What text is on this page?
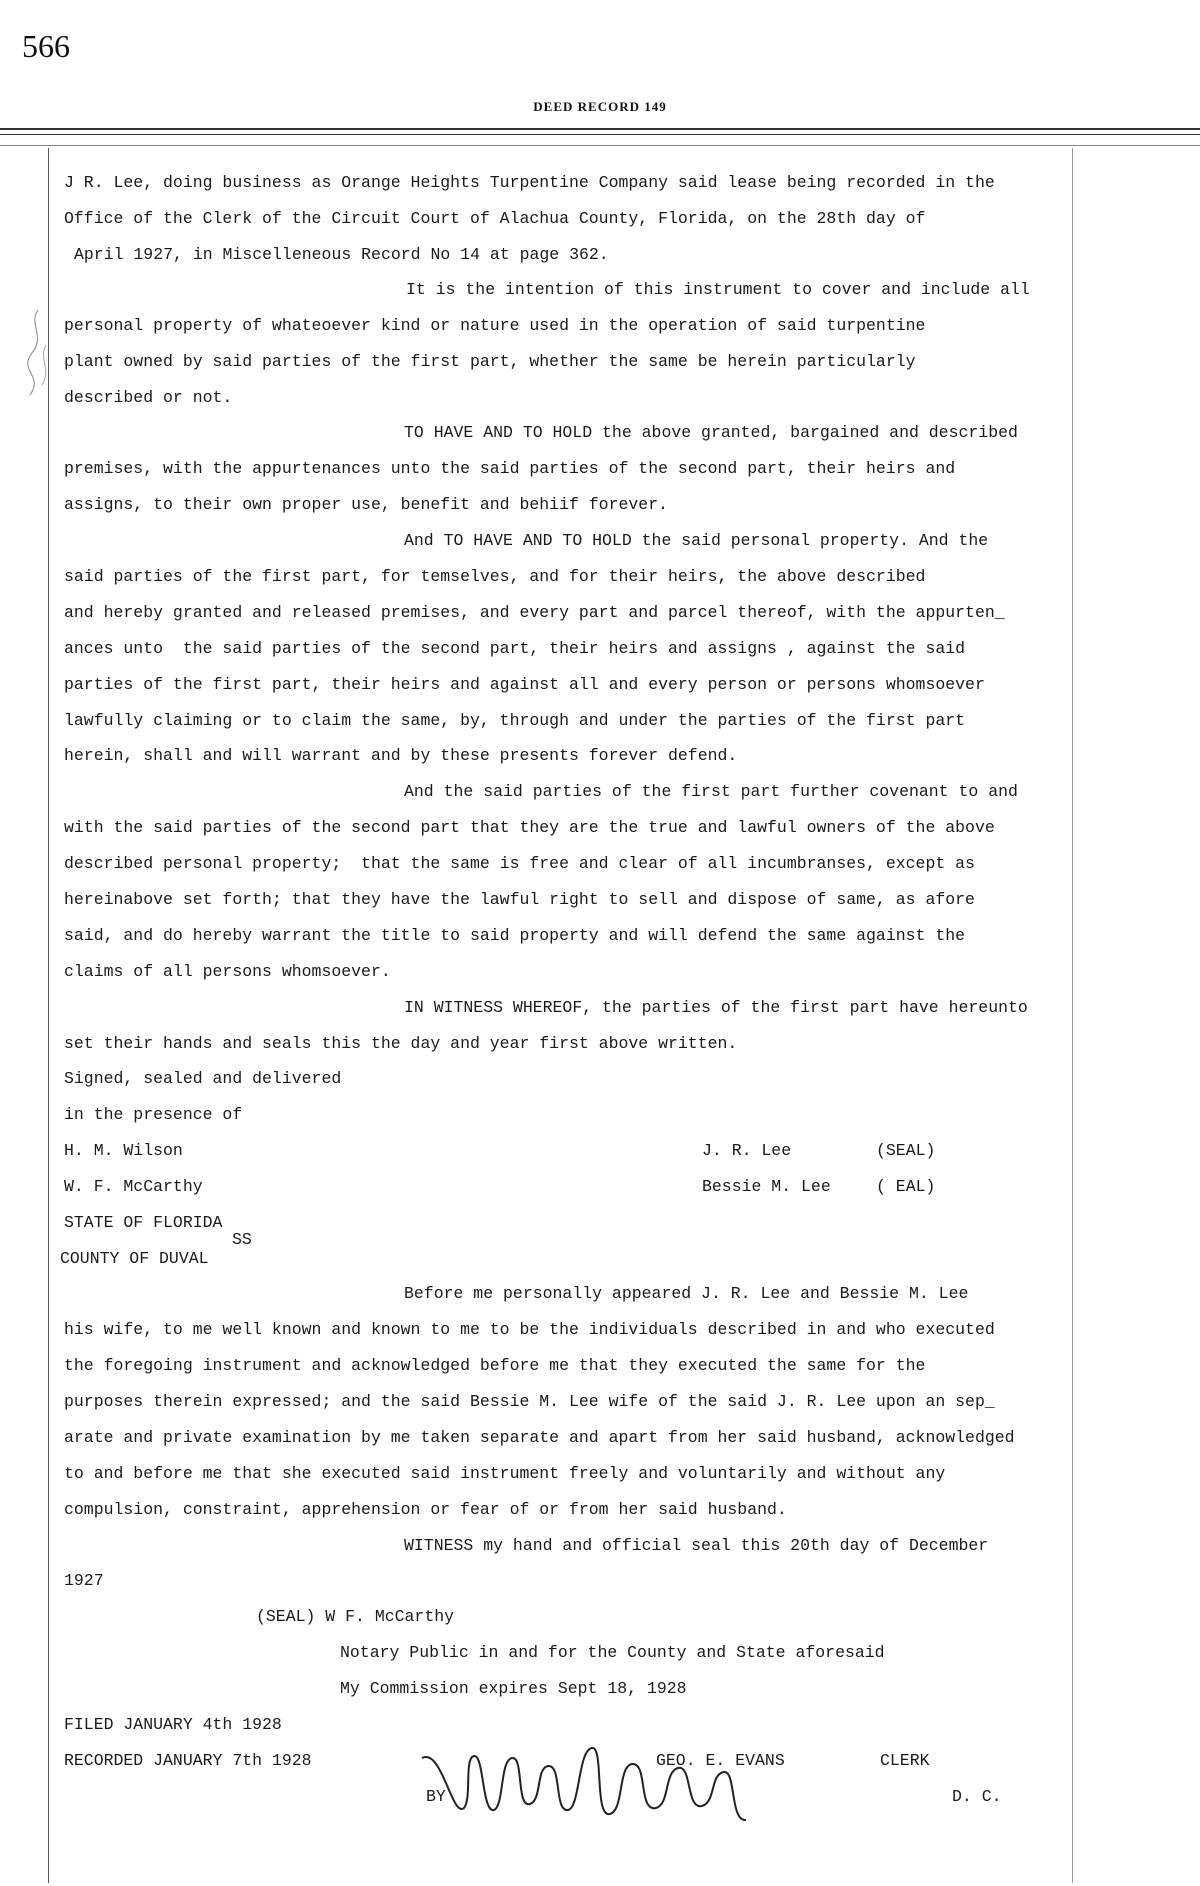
566
DEED RECORD 149
J R. Lee, doing business as Orange Heights Turpentine Company said lease being recorded in the
Office of the Clerk of the Circuit Court of Alachua County, Florida, on the 28th day of
April 1927, in Miscelleneous Record No 14 at page 362.
It is the intention of this instrument to cover and include all
personal property of whateoever kind or nature used in the operation of said turpentine
plant owned by said parties of the first part, whether the same be herein particularly
described or not.
TO HAVE AND TO HOLD the above granted, bargained and described
premises, with the appurtenances unto the said parties of the second part, their heirs and
assigns, to their own proper use, benefit and behiif forever.
And TO HAVE AND TO HOLD the said personal property. And the
said parties of the first part, for temselves, and for their heirs, the above described
and hereby granted and released premises, and every part and parcel thereof, with the appurten_
ances unto  the said parties of the second part, their heirs and assigns , against the said
parties of the first part, their heirs and against all and every person or persons whomsoever
lawfully claiming or to claim the same, by, through and under the parties of the first part
herein, shall and will warrant and by these presents forever defend.
And the said parties of the first part further covenant to and
with the said parties of the second part that they are the true and lawful owners of the above
described personal property;  that the same is free and clear of all incumbranses, except as
hereinabove set forth; that they have the lawful right to sell and dispose of same, as afore
said, and do hereby warrant the title to said property and will defend the same against the
claims of all persons whomsoever.
IN WITNESS WHEREOF, the parties of the first part have hereunto
set their hands and seals this the day and year first above written.
Signed, sealed and delivered
in the presence of
H. M. Wilson	J. R. Lee	(SEAL)
W. F. McCarthy	Bessie M. Lee	( EAL)
STATE OF FLORIDA
SS
COUNTY OF DUVAL
Before me personally appeared J. R. Lee and Bessie M. Lee
his wife, to me well known and known to me to be the individuals described in and who executed
the foregoing instrument and acknowledged before me that they executed the same for the
purposes therein expressed; and the said Bessie M. Lee wife of the said J. R. Lee upon an sep_
arate and private examination by me taken separate and apart from her said husband, acknowledged
to and before me that she executed said instrument freely and voluntarily and without any
compulsion, constraint, apprehension or fear of or from her said husband.
WITNESS my hand and official seal this 20th day of December
1927
(SEAL) W F. McCarthy
Notary Public in and for the County and State aforesaid
My Commission expires Sept 18, 1928
FILED JANUARY 4th 1928
RECORDED JANUARY 7th 1928	GEO. E. EVANS	CLERK
BY	D. C.
